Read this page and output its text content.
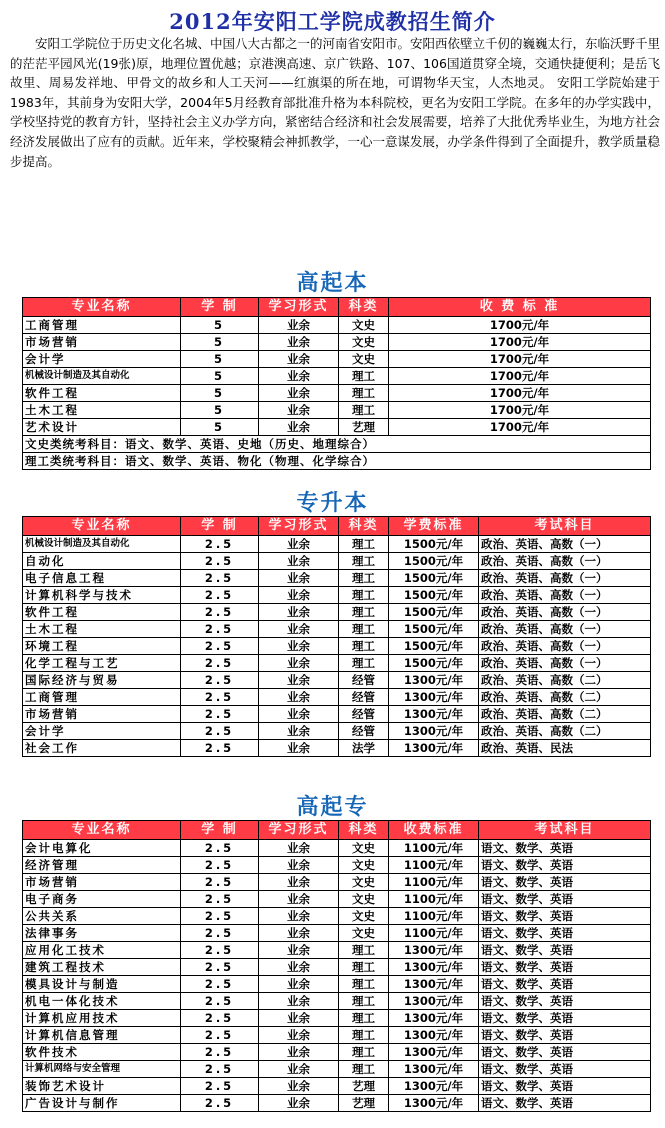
2012年安阳工学院成教招生简介
安阳工学院位于历史文化名城、中国八大古都之一的河南省安阳市。安阳西依壁立千仞的巍巍太行，东临沃野千里的茫茫平园风光(19张)原，地理位置优越；京港澳高速、京广铁路、107、106国道贯穿全境，交通快捷便利；是岳飞故里、周易发祥地、甲骨文的故乡和人工天河——红旗渠的所在地，可谓物华天宝，人杰地灵。 安阳工学院始建于1983年，其前身为安阳大学，2004年5月经教育部批准升格为本科院校，更名为安阳工学院。在多年的办学实践中，学校坚持党的教育方针，坚持社会主义办学方向，紧密结合经济和社会发展需要，培养了大批优秀毕业生，为地方社会经济发展做出了应有的贡献。近年来，学校聚精会神抓教学，一心一意谋发展，办学条件得到了全面提升，教学质量稳步提高。
高起本
专业名称	学 制	学习形式	科类	收 费 标 准
工商管理	5	业余	文史	1700元/年
市场营销	5	业余	文史	1700元/年
会计学	5	业余	文史	1700元/年
机械设计制造及其自动化	5	业余	理工	1700元/年
软件工程	5	业余	理工	1700元/年
土木工程	5	业余	理工	1700元/年
艺术设计	5	业余	艺理	1700元/年
文史类统考科目：语文、数学、英语、史地（历史、地理综合）				
理工类统考科目：语文、数学、英语、物化（物理、化学综合）				
专升本
专业名称	学 制	学习形式	科类	学费标准	考试科目
机械设计制造及其自动化	2.5	业余	理工	1500元/年	政治、英语、高数（一）
自动化	2.5	业余	理工	1500元/年	政治、英语、高数（一）
电子信息工程	2.5	业余	理工	1500元/年	政治、英语、高数（一）
计算机科学与技术	2.5	业余	理工	1500元/年	政治、英语、高数（一）
软件工程	2.5	业余	理工	1500元/年	政治、英语、高数（一）
土木工程	2.5	业余	理工	1500元/年	政治、英语、高数（一）
环境工程	2.5	业余	理工	1500元/年	政治、英语、高数（一）
化学工程与工艺	2.5	业余	理工	1500元/年	政治、英语、高数（一）
国际经济与贸易	2.5	业余	经管	1300元/年	政治、英语、高数（二）
工商管理	2.5	业余	经管	1300元/年	政治、英语、高数（二）
市场营销	2.5	业余	经管	1300元/年	政治、英语、高数（二）
会计学	2.5	业余	经管	1300元/年	政治、英语、高数（二）
社会工作	2.5	业余	法学	1300元/年	政治、英语、民法
高起专
专业名称	学 制	学习形式	科类	收费标准	考试科目
会计电算化	2.5	业余	文史	1100元/年	语文、数学、英语
经济管理	2.5	业余	文史	1100元/年	语文、数学、英语
市场营销	2.5	业余	文史	1100元/年	语文、数学、英语
电子商务	2.5	业余	文史	1100元/年	语文、数学、英语
公共关系	2.5	业余	文史	1100元/年	语文、数学、英语
法律事务	2.5	业余	文史	1100元/年	语文、数学、英语
应用化工技术	2.5	业余	理工	1300元/年	语文、数学、英语
建筑工程技术	2.5	业余	理工	1300元/年	语文、数学、英语
模具设计与制造	2.5	业余	理工	1300元/年	语文、数学、英语
机电一体化技术	2.5	业余	理工	1300元/年	语文、数学、英语
计算机应用技术	2.5	业余	理工	1300元/年	语文、数学、英语
计算机信息管理	2.5	业余	理工	1300元/年	语文、数学、英语
软件技术	2.5	业余	理工	1300元/年	语文、数学、英语
计算机网络与安全管理	2.5	业余	理工	1300元/年	语文、数学、英语
装饰艺术设计	2.5	业余	艺理	1300元/年	语文、数学、英语
广告设计与制作	2.5	业余	艺理	1300元/年	语文、数学、英语
